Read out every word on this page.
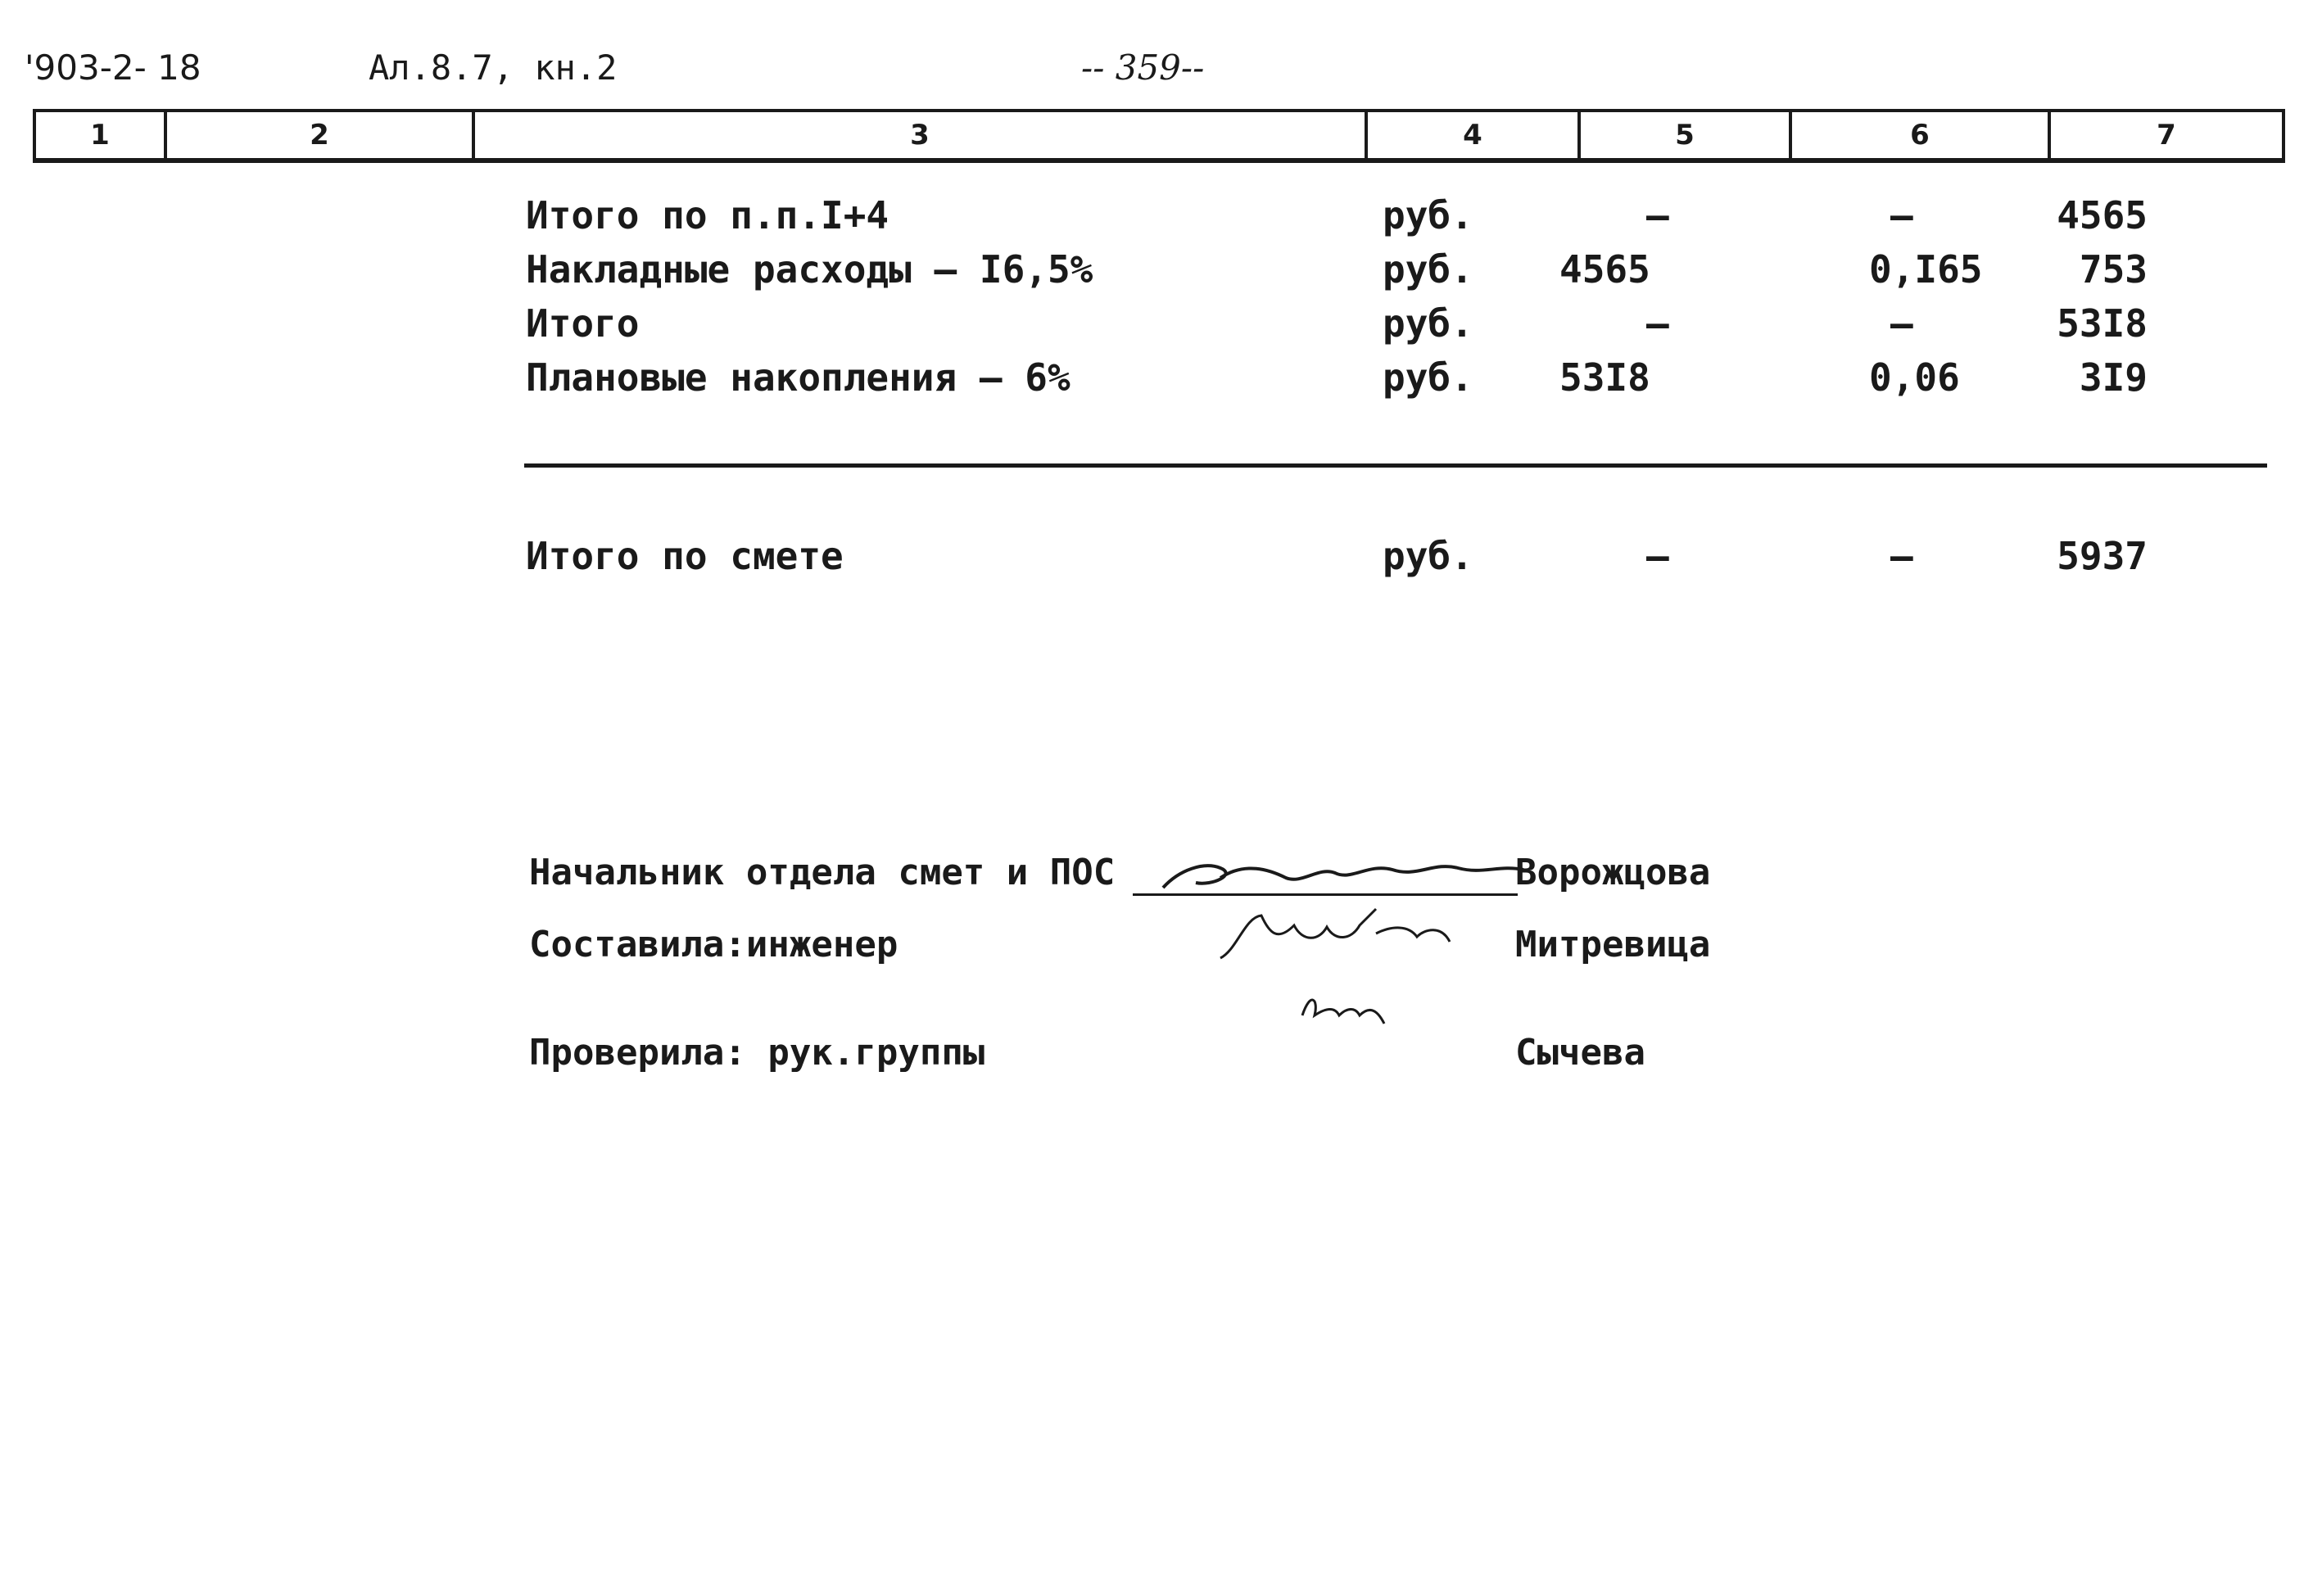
'903-2- 18	Ал.8.7, кн.2	-- 359--
1	2	3	4	5	6	7
Итого по п.п.I+4	руб.	–	–	4565
Накладные расходы – I6,5%	руб. 4565	0,I65	753
Итого	руб.	–	–	53I8
Плановые накопления – 6%	руб. 53I8	0,06	3I9
Итого по смете	руб.	–	–	5937
Начальник отдела смет и ПОС	Ворожцова
Составила:инженер	Митревица
Проверила: рук.группы	Сычева
